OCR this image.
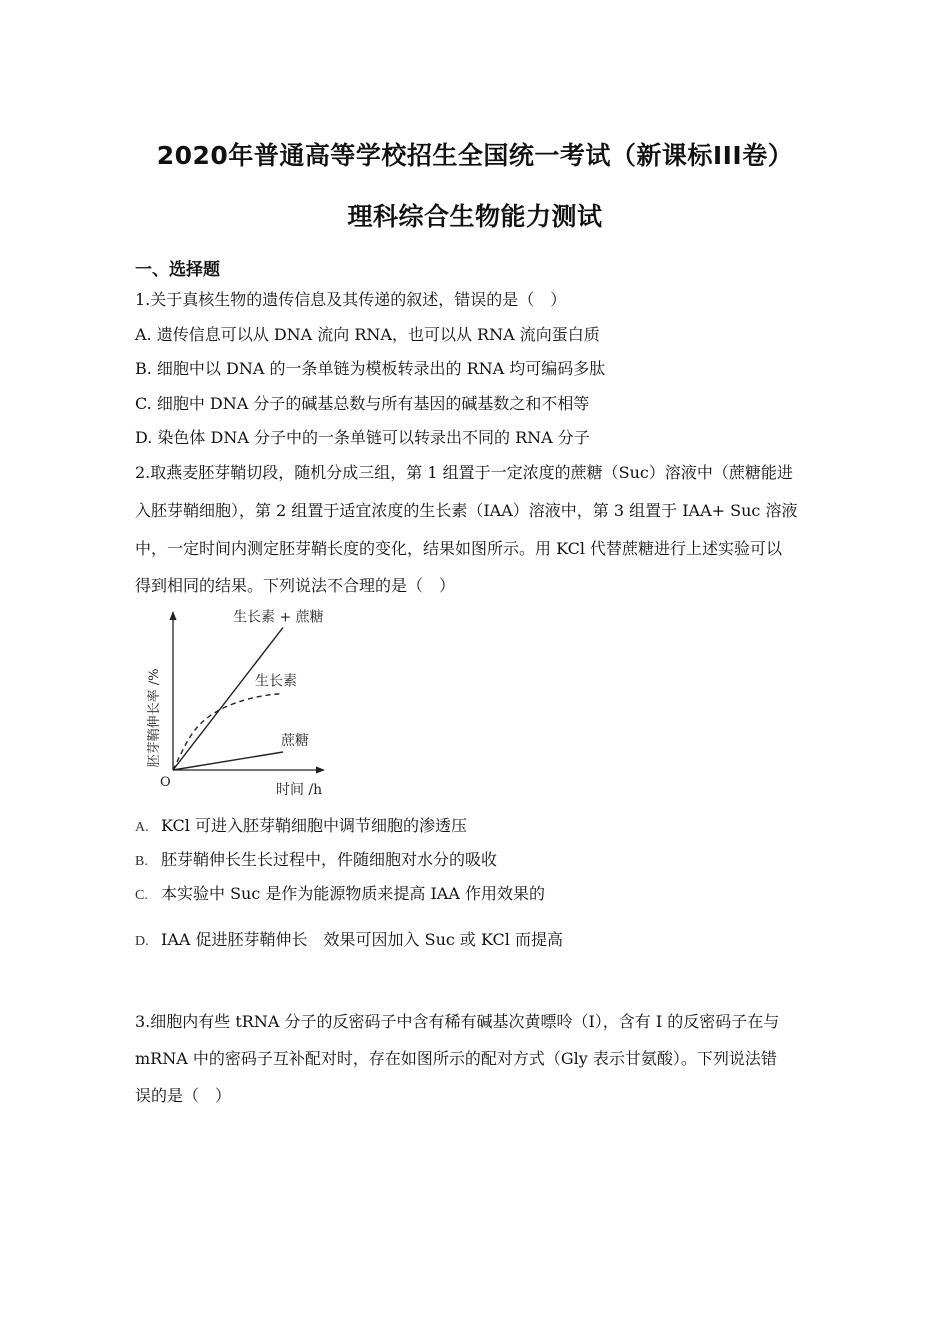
2020年普通高等学校招生全国统一考试（新课标III卷）
理科综合生物能力测试
一、选择题
1.关于真核生物的遗传信息及其传递的叙述，错误的是（　）
A. 遗传信息可以从 DNA 流向 RNA，也可以从 RNA 流向蛋白质
B. 细胞中以 DNA 的一条单链为模板转录出的 RNA 均可编码多肽
C. 细胞中 DNA 分子的碱基总数与所有基因的碱基数之和不相等
D. 染色体 DNA 分子中的一条单链可以转录出不同的 RNA 分子
2.取燕麦胚芽鞘切段，随机分成三组，第 1 组置于一定浓度的蔗糖（Suc）溶液中（蔗糖能进
入胚芽鞘细胞），第 2 组置于适宜浓度的生长素（IAA）溶液中，第 3 组置于 IAA+ Suc 溶液
中，一定时间内测定胚芽鞘长度的变化，结果如图所示。用 KCl 代替蔗糖进行上述实验可以
得到相同的结果。下列说法不合理的是（　）
O	时间 /h
胚芽鞘伸长率 /%
生长素 + 蔗糖
生长素
蔗糖
A. KCl 可进入胚芽鞘细胞中调节细胞的渗透压
B. 胚芽鞘伸长生长过程中，件随细胞对水分的吸收
C. 本实验中 Suc 是作为能源物质来提高 IAA 作用效果的
D. IAA 促进胚芽鞘伸长　效果可因加入 Suc 或 KCl 而提高
3.细胞内有些 tRNA 分子的反密码子中含有稀有碱基次黄嘌呤（I），含有 I 的反密码子在与
mRNA 中的密码子互补配对时，存在如图所示的配对方式（Gly 表示甘氨酸）。下列说法错
误的是（　）
